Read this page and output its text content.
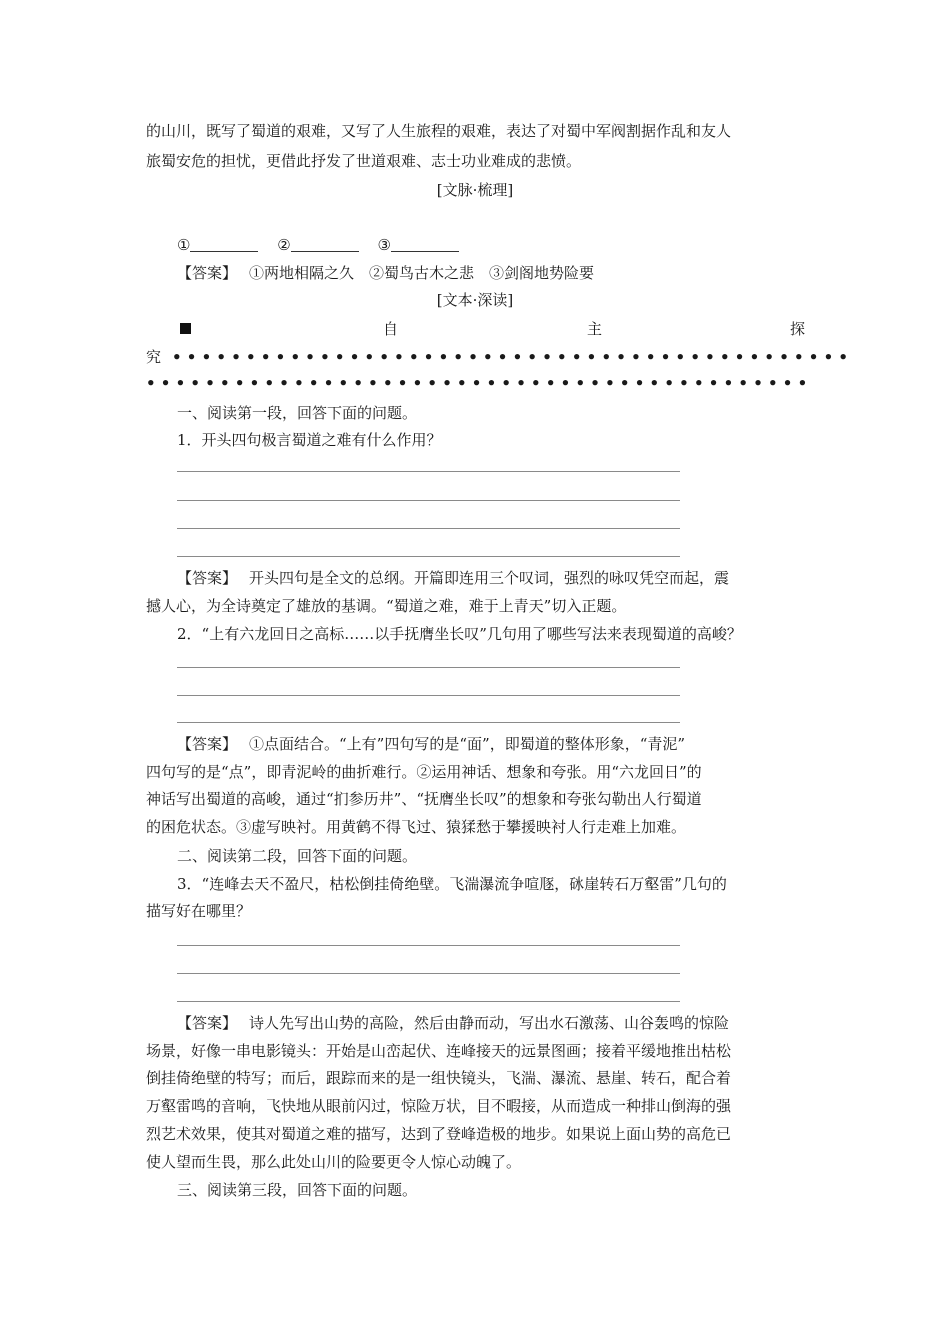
的山川，既写了蜀道的艰难，又写了人生旅程的艰难，表达了对蜀中军阀割据作乱和友人
旅蜀安危的担忧，更借此抒发了世道艰难、志士功业难成的悲愤。
[文脉·梳理]
①	②	③
【答案】 ①两地相隔之久　②蜀鸟古木之悲　③剑阁地势险要
[文本·深读]
自	主	探
究 • • • • • • • • • • • • • • • • • • • • • • • • • • • • • • • • • • • • • • • • • • • • • •
• • • • • • • • • • • • • • • • • • • • • • • • • • • • • • • • • • • • • • • • • • • • •
一、阅读第一段，回答下面的问题。
1．开头四句极言蜀道之难有什么作用？
【答案】 开头四句是全文的总纲。开篇即连用三个叹词，强烈的咏叹凭空而起，震
撼人心，为全诗奠定了雄放的基调。“蜀道之难，难于上青天”切入正题。
2．“上有六龙回日之高标……以手抚膺坐长叹”几句用了哪些写法来表现蜀道的高峻？
【答案】 ①点面结合。“上有”四句写的是“面”，即蜀道的整体形象，“青泥”
四句写的是“点”，即青泥岭的曲折难行。②运用神话、想象和夸张。用“六龙回日”的
神话写出蜀道的高峻，通过“扪参历井”、“抚膺坐长叹”的想象和夸张勾勒出人行蜀道
的困危状态。③虚写映衬。用黄鹤不得飞过、猿猱愁于攀援映衬人行走难上加难。
二、阅读第二段，回答下面的问题。
3．“连峰去天不盈尺，枯松倒挂倚绝壁。飞湍瀑流争喧豗，砯崖转石万壑雷”几句的
描写好在哪里？
【答案】 诗人先写出山势的高险，然后由静而动，写出水石激荡、山谷轰鸣的惊险
场景，好像一串电影镜头：开始是山峦起伏、连峰接天的远景图画；接着平缓地推出枯松
倒挂倚绝壁的特写；而后，跟踪而来的是一组快镜头，飞湍、瀑流、悬崖、转石，配合着
万壑雷鸣的音响，飞快地从眼前闪过，惊险万状，目不暇接，从而造成一种排山倒海的强
烈艺术效果，使其对蜀道之难的描写，达到了登峰造极的地步。如果说上面山势的高危已
使人望而生畏，那么此处山川的险要更令人惊心动魄了。
三、阅读第三段，回答下面的问题。
